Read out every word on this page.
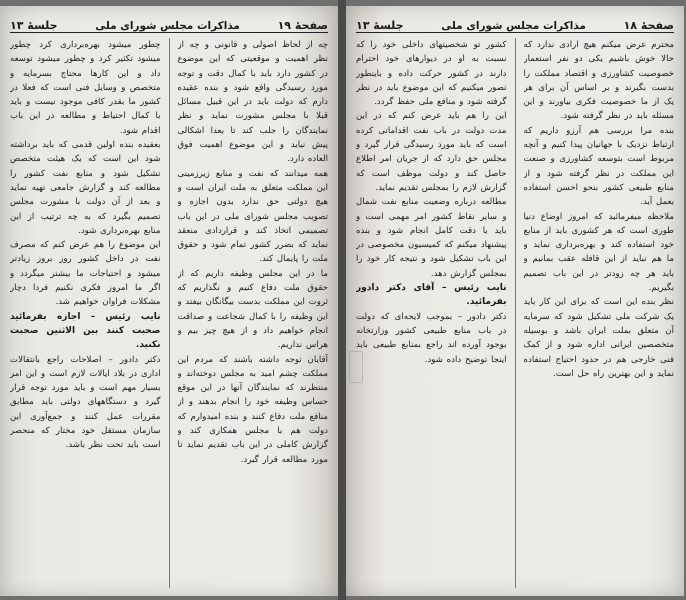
صفحهٔ ۱۹
مذاکرات مجلس شورای ملی
جلسهٔ ۱۳

چه از لحاظ اصولی و قانونی و چه از نظر اهمیت و موقعیتی که این موضوع در کشور دارد باید با کمال دقت و توجه مورد رسیدگی واقع شود و بنده عقیده دارم که دولت باید در این قبیل مسائل قبلا با مجلس مشورت نماید و نظر نمایندگان را جلب کند تا بعدا اشکالی پیش نیاید و این موضوع اهمیت فوق العاده دارد.

همه میدانند که نفت و منابع زیرزمینی این مملکت متعلق به ملت ایران است و هیچ دولتی حق ندارد بدون اجازه و تصویب مجلس شورای ملی در این باب تصمیمی اتخاذ کند و قراردادی منعقد نماید که بضرر کشور تمام شود و حقوق ملت را پایمال کند.

ما در این مجلس وظیفه داریم که از حقوق ملت دفاع کنیم و نگذاریم که ثروت این مملکت بدست بیگانگان بیفتد و این وظیفه را با کمال شجاعت و صداقت انجام خواهیم داد و از هیچ چیز بیم و هراس نداریم.

آقایان توجه داشته باشند که مردم این مملکت چشم امید به مجلس دوخته‌اند و منتظرند که نمایندگان آنها در این موقع حساس وظیفه خود را انجام بدهند و از منافع ملت دفاع کنند و بنده امیدوارم که دولت هم با مجلس همکاری کند و گزارش کاملی در این باب تقدیم نماید تا مورد مطالعه قرار گیرد.

چطور میشود بهره‌برداری کرد چطور میشود تکثیر کرد و چطور میشود توسعه داد و این کارها محتاج بسرمایه و متخصص و وسایل فنی است که فعلا در کشور ما بقدر کافی موجود نیست و باید با کمال احتیاط و مطالعه در این باب اقدام شود.

بعقیده بنده اولین قدمی که باید برداشته شود این است که یک هیئت متخصص تشکیل شود و منابع نفت کشور را مطالعه کند و گزارش جامعی تهیه نماید و بعد از آن دولت با مشورت مجلس تصمیم بگیرد که به چه ترتیب از این منابع بهره‌برداری شود.

این موضوع را هم عرض کنم که مصرف نفت در داخل کشور روز بروز زیادتر میشود و احتیاجات ما بیشتر میگردد و اگر ما امروز فکری نکنیم فردا دچار مشکلات فراوان خواهیم شد.

نایب رئیس – اجازه بفرمائید صحبت کنند بین الاثنین صحبت نکنید.

دکتر دادور – اصلاحات راجع بانتقالات اداری در بلاد ایالات لازم است و این امر بسیار مهم است و باید مورد توجه قرار گیرد و دستگاههای دولتی باید مطابق مقررات عمل کنند و جمع‌آوری این سازمان مستقل خود مختار که منحصر است باید تحت نظر باشد.

صفحهٔ ۱۸
مذاکرات مجلس شورای ملی
جلسهٔ ۱۳

محترم عرض میکنم هیچ ارادی ندارد که حالا خوش باشیم یکی دو نفر استعمار خصوصیت کشاورزی و اقتصاد مملکت را بدست بگیرند و بر اساس آن برای هر یک از ما خصوصیت فکری بیاورند و این مسئله باید در نظر گرفته شود.

بنده مرا بررسی هم آرزو داریم که ارتباط نزدیک با جهانیان پیدا کنیم و آنچه مربوط است بتوسعه کشاورزی و صنعت این مملکت در نظر گرفته شود و از منابع طبیعی کشور بنحو احسن استفاده بعمل آید.

ملاحظه میفرمائید که امروز اوضاع دنیا طوری است که هر کشوری باید از منابع خود استفاده کند و بهره‌برداری نماید و ما هم نباید از این قافله عقب بمانیم و باید هر چه زودتر در این باب تصمیم بگیریم.

نظر بنده این است که برای این کار باید یک شرکت ملی تشکیل شود که سرمایه آن متعلق بملت ایران باشد و بوسیله متخصصین ایرانی اداره شود و از کمک فنی خارجی هم در حدود احتیاج استفاده نماید و این بهترین راه حل است.

کشور تو شخصیتهای داخلی خود را که نسبت به او در دیوارهای خود احترام دارند در کشور حرکت داده و باینطور تصور میکنیم که این موضوع باید در نظر گرفته شود و منافع ملی حفظ گردد.

این را هم باید عرض کنم که در این مدت دولت در باب نفت اقداماتی کرده است که باید مورد رسیدگی قرار گیرد و مجلس حق دارد که از جریان امر اطلاع حاصل کند و دولت موظف است که گزارش لازم را بمجلس تقدیم نماید.

مطالعه درباره وضعیت منابع نفت شمال و سایر نقاط کشور امر مهمی است و باید با دقت کامل انجام شود و بنده پیشنهاد میکنم که کمیسیون مخصوصی در این باب تشکیل شود و نتیجه کار خود را بمجلس گزارش دهد.

نایب رئیس – آقای دکتر دادور بفرمائید.

دکتر دادور – بموجب لایحه‌ای که دولت در باب منابع طبیعی کشور وزارتخانه بوجود آورده اند راجع بمنابع طبیعی باید اینجا توضیح داده شود.
